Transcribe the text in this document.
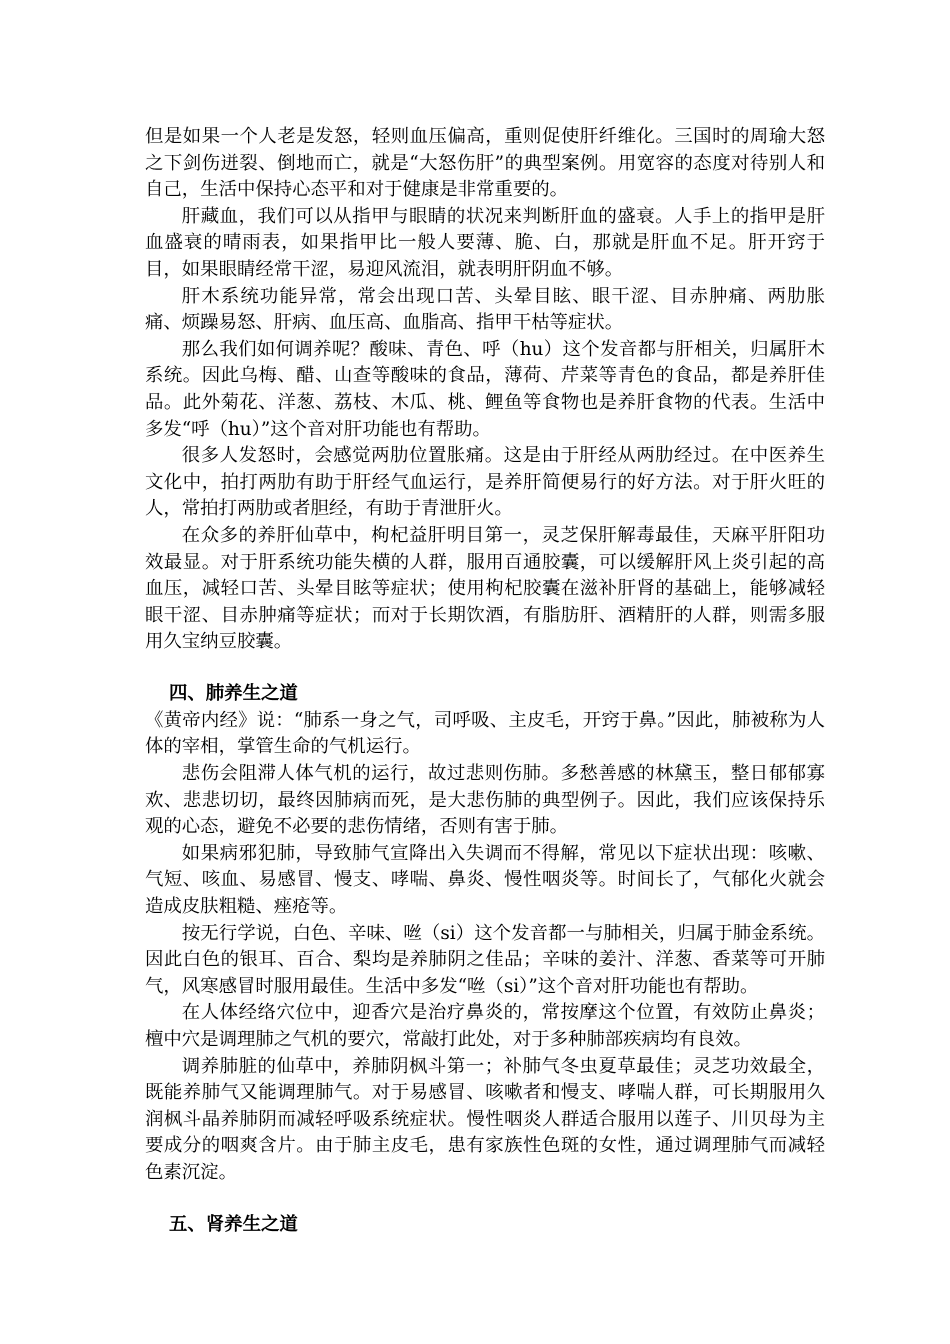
但是如果一个人老是发怒，轻则血压偏高，重则促使肝纤维化。三国时的周瑜大怒之下剑伤迸裂、倒地而亡，就是“大怒伤肝”的典型案例。用宽容的态度对待别人和自己，生活中保持心态平和对于健康是非常重要的。

肝藏血，我们可以从指甲与眼睛的状况来判断肝血的盛衰。人手上的指甲是肝血盛衰的晴雨表，如果指甲比一般人要薄、脆、白，那就是肝血不足。肝开窍于目，如果眼睛经常干涩，易迎风流泪，就表明肝阴血不够。

肝木系统功能异常，常会出现口苦、头晕目眩、眼干涩、目赤肿痛、两肋胀痛、烦躁易怒、肝病、血压高、血脂高、指甲干枯等症状。

那么我们如何调养呢？酸味、青色、呼（hu）这个发音都与肝相关，归属肝木系统。因此乌梅、醋、山查等酸味的食品，薄荷、芹菜等青色的食品，都是养肝佳品。此外菊花、洋葱、荔枝、木瓜、桃、鲤鱼等食物也是养肝食物的代表。生活中多发“呼（hu）”这个音对肝功能也有帮助。

很多人发怒时，会感觉两肋位置胀痛。这是由于肝经从两肋经过。在中医养生文化中，拍打两肋有助于肝经气血运行，是养肝简便易行的好方法。对于肝火旺的人，常拍打两肋或者胆经，有助于青泄肝火。

在众多的养肝仙草中，枸杞益肝明目第一，灵芝保肝解毒最佳，天麻平肝阳功效最显。对于肝系统功能失横的人群，服用百通胶囊，可以缓解肝风上炎引起的高血压，减轻口苦、头晕目眩等症状；使用枸杞胶囊在滋补肝肾的基础上，能够减轻眼干涩、目赤肿痛等症状；而对于长期饮酒，有脂肪肝、酒精肝的人群，则需多服用久宝纳豆胶囊。

四、肺养生之道

《黄帝内经》说：“肺系一身之气，司呼吸、主皮毛，开窍于鼻。”因此，肺被称为人体的宰相，掌管生命的气机运行。

悲伤会阻滞人体气机的运行，故过悲则伤肺。多愁善感的林黛玉，整日郁郁寡欢、悲悲切切，最终因肺病而死，是大悲伤肺的典型例子。因此，我们应该保持乐观的心态，避免不必要的悲伤情绪，否则有害于肺。

如果病邪犯肺，导致肺气宣降出入失调而不得解，常见以下症状出现：咳嗽、气短、咳血、易感冒、慢支、哮喘、鼻炎、慢性咽炎等。时间长了，气郁化火就会造成皮肤粗糙、痤疮等。

按无行学说，白色、辛味、咝（si）这个发音都一与肺相关，归属于肺金系统。因此白色的银耳、百合、梨均是养肺阴之佳品；辛味的姜汁、洋葱、香菜等可开肺气，风寒感冒时服用最佳。生活中多发“咝（si）”这个音对肝功能也有帮助。

在人体经络穴位中，迎香穴是治疗鼻炎的，常按摩这个位置，有效防止鼻炎；檀中穴是调理肺之气机的要穴，常敲打此处，对于多种肺部疾病均有良效。

调养肺脏的仙草中，养肺阴枫斗第一；补肺气冬虫夏草最佳；灵芝功效最全，既能养肺气又能调理肺气。对于易感冒、咳嗽者和慢支、哮喘人群，可长期服用久润枫斗晶养肺阴而减轻呼吸系统症状。慢性咽炎人群适合服用以莲子、川贝母为主要成分的咽爽含片。由于肺主皮毛，患有家族性色斑的女性，通过调理肺气而减轻色素沉淀。

五、肾养生之道
